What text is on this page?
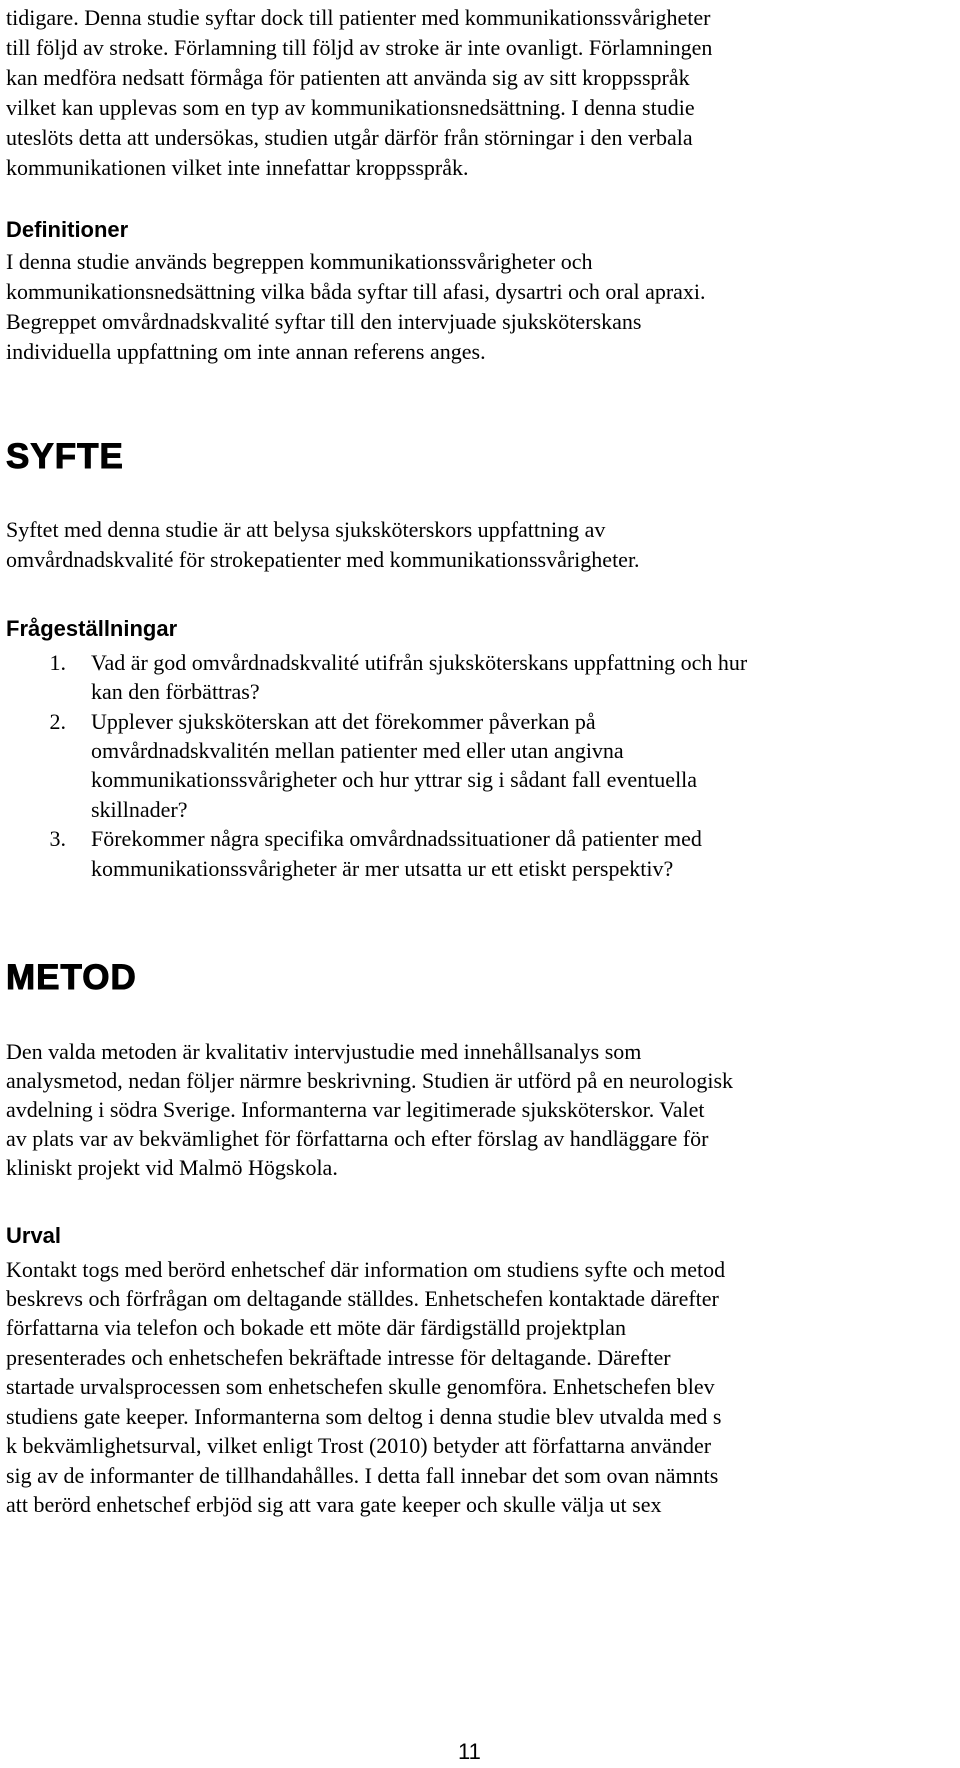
tidigare. Denna studie syftar dock till patienter med kommunikationssvårigheter
till följd av stroke. Förlamning till följd av stroke är inte ovanligt. Förlamningen
kan medföra nedsatt förmåga för patienten att använda sig av sitt kroppsspråk
vilket kan upplevas som en typ av kommunikationsnedsättning. I denna studie
uteslöts detta att undersökas, studien utgår därför från störningar i den verbala
kommunikationen vilket inte innefattar kroppsspråk.
Definitioner
I denna studie används begreppen kommunikationssvårigheter och
kommunikationsnedsättning vilka båda syftar till afasi, dysartri och oral apraxi.
Begreppet omvårdnadskvalité syftar till den intervjuade sjuksköterskans
individuella uppfattning om inte annan referens anges.
SYFTE
Syftet med denna studie är att belysa sjuksköterskors uppfattning av
omvårdnadskvalité för strokepatienter med kommunikationssvårigheter.
Frågeställningar
1. Vad är god omvårdnadskvalité utifrån sjuksköterskans uppfattning och hur
kan den förbättras?
2. Upplever sjuksköterskan att det förekommer påverkan på
omvårdnadskvalitén mellan patienter med eller utan angivna
kommunikationssvårigheter och hur yttrar sig i sådant fall eventuella
skillnader?
3. Förekommer några specifika omvårdnadssituationer då patienter med
kommunikationssvårigheter är mer utsatta ur ett etiskt perspektiv?
METOD
Den valda metoden är kvalitativ intervjustudie med innehållsanalys som
analysmetod, nedan följer närmre beskrivning. Studien är utförd på en neurologisk
avdelning i södra Sverige. Informanterna var legitimerade sjuksköterskor. Valet
av plats var av bekvämlighet för författarna och efter förslag av handläggare för
kliniskt projekt vid Malmö Högskola.
Urval
Kontakt togs med berörd enhetschef där information om studiens syfte och metod
beskrevs och förfrågan om deltagande ställdes. Enhetschefen kontaktade därefter
författarna via telefon och bokade ett möte där färdigställd projektplan
presenterades och enhetschefen bekräftade intresse för deltagande. Därefter
startade urvalsprocessen som enhetschefen skulle genomföra. Enhetschefen blev
studiens gate keeper. Informanterna som deltog i denna studie blev utvalda med s
k bekvämlighetsurval, vilket enligt Trost (2010) betyder att författarna använder
sig av de informanter de tillhandahålles. I detta fall innebar det som ovan nämnts
att berörd enhetschef erbjöd sig att vara gate keeper och skulle välja ut sex
11
